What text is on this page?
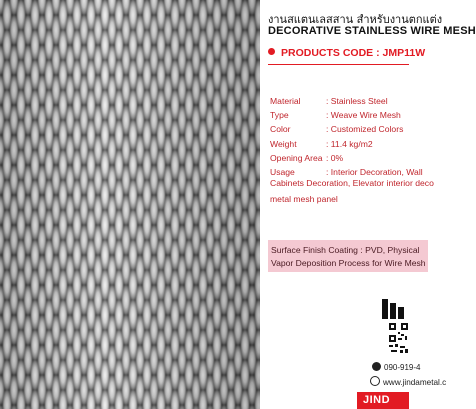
งานสแตนเลสสาน สำหรับงานตกแต่ง
DECORATIVE STAINLESS WIRE MESH
PRODUCTS CODE : JMP11W
Material	: Stainless Steel
Type	: Weave Wire Mesh
Color	: Customized Colors
Weight	: 11.4 kg/m2
Opening Area : 0%
Usage	: Interior Decoration, Wall
Cabinets Decoration, Elevator interior deco
metal mesh panel
Surface Finish Coating : PVD, Physical
Vapor Deposition Process for Wire Mesh
090-919-4
www.jindametal.c
JIND
